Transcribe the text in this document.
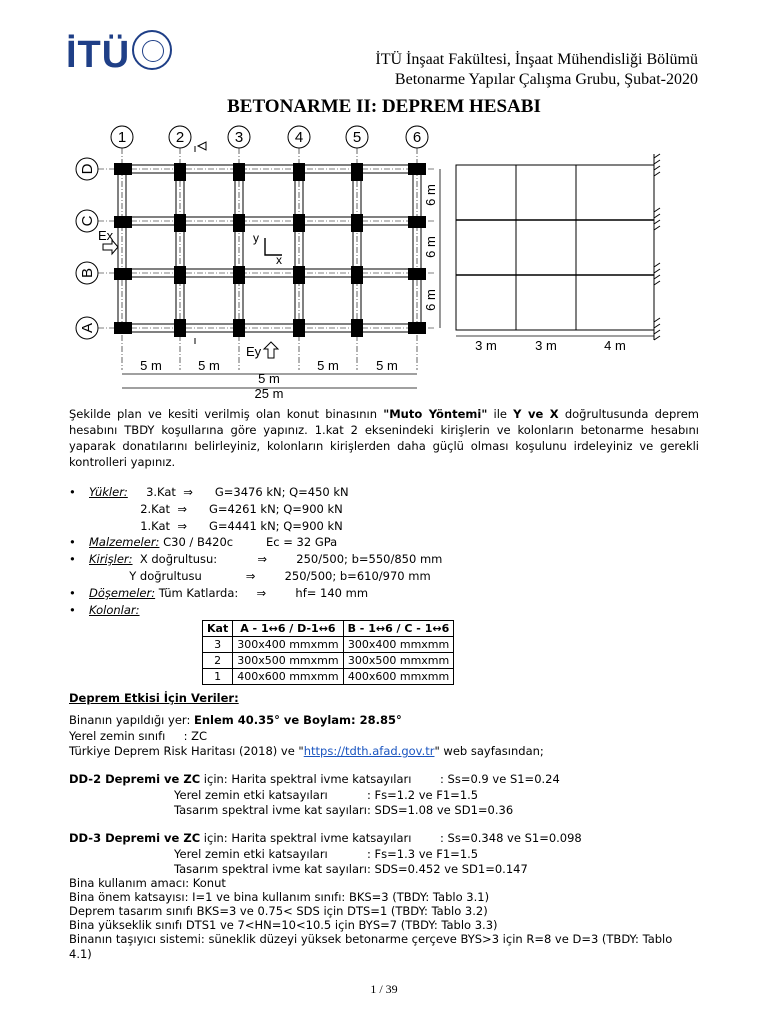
İTÜ	İTÜ İnşaat Fakültesi, İnşaat Mühendisliği Bölümü
Betonarme Yapılar Çalışma Grubu, Şubat-2020
BETONARME II: DEPREM HESABI
1	2	3	4	5	6
D
C
B
A
Ex
Ey
y
x
5 m	5 m
5 m
5 m	5 m
25 m
6 m
6 m
6 m
3 m	3 m	4 m
Şekilde plan ve kesiti verilmiş olan konut binasının "Muto Yöntemi" ile Y ve X doğrultusunda deprem hesabını TBDY koşullarına göre yapınız. 1.kat 2 eksenindeki kirişlerin ve kolonların betonarme hesabını yaparak donatılarını belirleyiniz, kolonların kirişlerden daha güçlü olması koşulunu irdeleyiniz ve gerekli kontrolleri yapınız.
• Yükler: 3.Kat  ⇒      G=3476 kN; Q=450 kN
2.Kat  ⇒      G=4261 kN; Q=900 kN
1.Kat  ⇒      G=4441 kN; Q=900 kN
• Malzemeler: C30 / B420c	Ec = 32 GPa
• Kirişler: X doğrultusu:           ⇒        250/500; b=550/850 mm
Y doğrultusu            ⇒        250/500; b=610/970 mm
• Döşemeler: Tüm Katlarda:     ⇒        hf= 140 mm
• Kolonlar:
Kat	A - 1↔6 / D-1↔6	B - 1↔6 / C - 1↔6
3	300x400 mmxmm	300x400 mmxmm
2	300x500 mmxmm	300x500 mmxmm
1	400x600 mmxmm	400x600 mmxmm
Deprem Etkisi İçin Veriler:
Binanın yapıldığı yer: Enlem 40.35° ve Boylam: 28.85°
Yerel zemin sınıfı     : ZC
Türkiye Deprem Risk Haritası (2018) ve "https://tdth.afad.gov.tr" web sayfasından;
DD-2 Depremi ve ZC için: Harita spektral ivme katsayıları : Ss=0.9 ve S1=0.24
Yerel zemin etki katsayıları	: Fs=1.2 ve F1=1.5
Tasarım spektral ivme kat sayıları : SDS=1.08 ve SD1=0.36
DD-3 Depremi ve ZC için: Harita spektral ivme katsayıları : Ss=0.348 ve S1=0.098
Yerel zemin etki katsayıları	: Fs=1.3 ve F1=1.5
Tasarım spektral ivme kat sayıları : SDS=0.452 ve SD1=0.147
Bina kullanım amacı: Konut
Bina önem katsayısı: I=1 ve bina kullanım sınıfı: BKS=3 (TBDY: Tablo 3.1)
Deprem tasarım sınıfı BKS=3 ve 0.75< SDS için DTS=1 (TBDY: Tablo 3.2)
Bina yükseklik sınıfı DTS1 ve 7<HN=10<10.5 için BYS=7 (TBDY: Tablo 3.3)
Binanın taşıyıcı sistemi: süneklik düzeyi yüksek betonarme çerçeve BYS>3 için R=8 ve D=3 (TBDY: Tablo 4.1)
1 / 39
